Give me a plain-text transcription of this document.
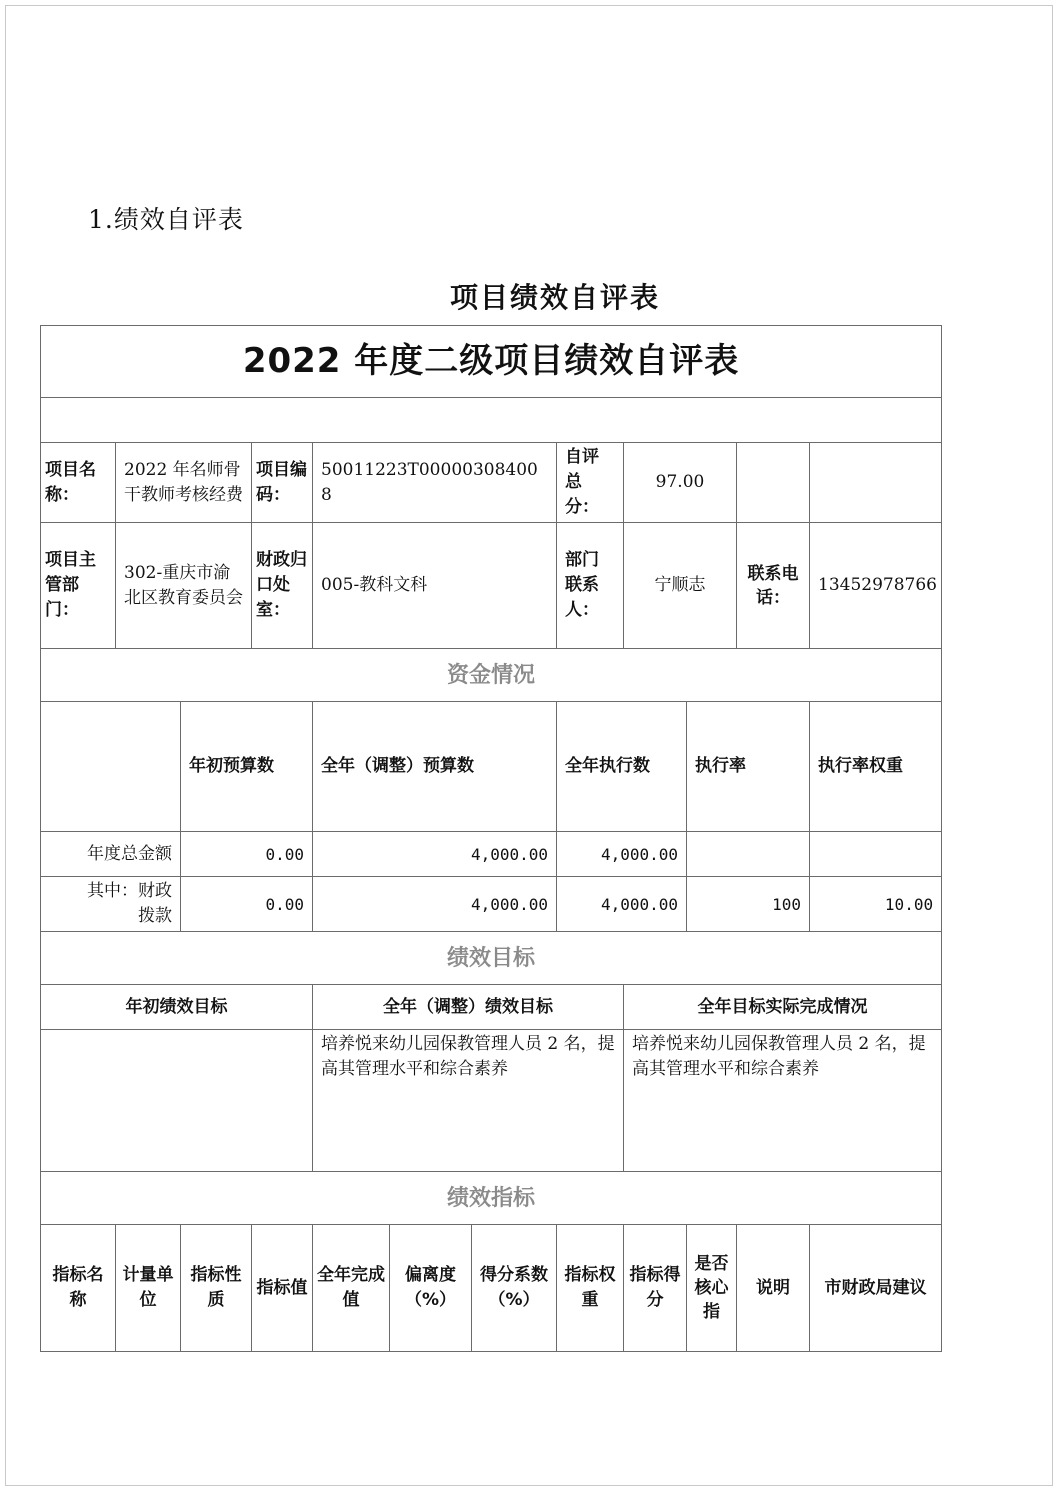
1.绩效自评表
项目绩效自评表
2022 年度二级项目绩效自评表												

项目名称：	2022 年名师骨干教师考核经费		项目编码：	50011223T000003084008			自评总分：	97.00				
项目主管部门：	302-重庆市渝北区教育委员会		财政归口处室：	005-教科文科			部门联系人：	宁顺志		联系电话：	13452978766	
资金情况												
		年初预算数		全年（调整）预算数			全年执行数		执行率		执行率权重	
年度总金额		0.00		4,000.00			4,000.00					
其中：财政拨款		0.00		4,000.00			4,000.00		100		10.00	
绩效目标												
年初绩效目标				全年（调整）绩效目标				全年目标实际完成情况				
				培养悦来幼儿园保教管理人员 2 名，提高其管理水平和综合素养				培养悦来幼儿园保教管理人员 2 名，提高其管理水平和综合素养				
绩效指标												
指标名称	计量单位	指标性质	指标值	全年完成值	偏离度（%）	得分系数（%）	指标权重	指标得分	是否核心指	说明	市财政局建议	
